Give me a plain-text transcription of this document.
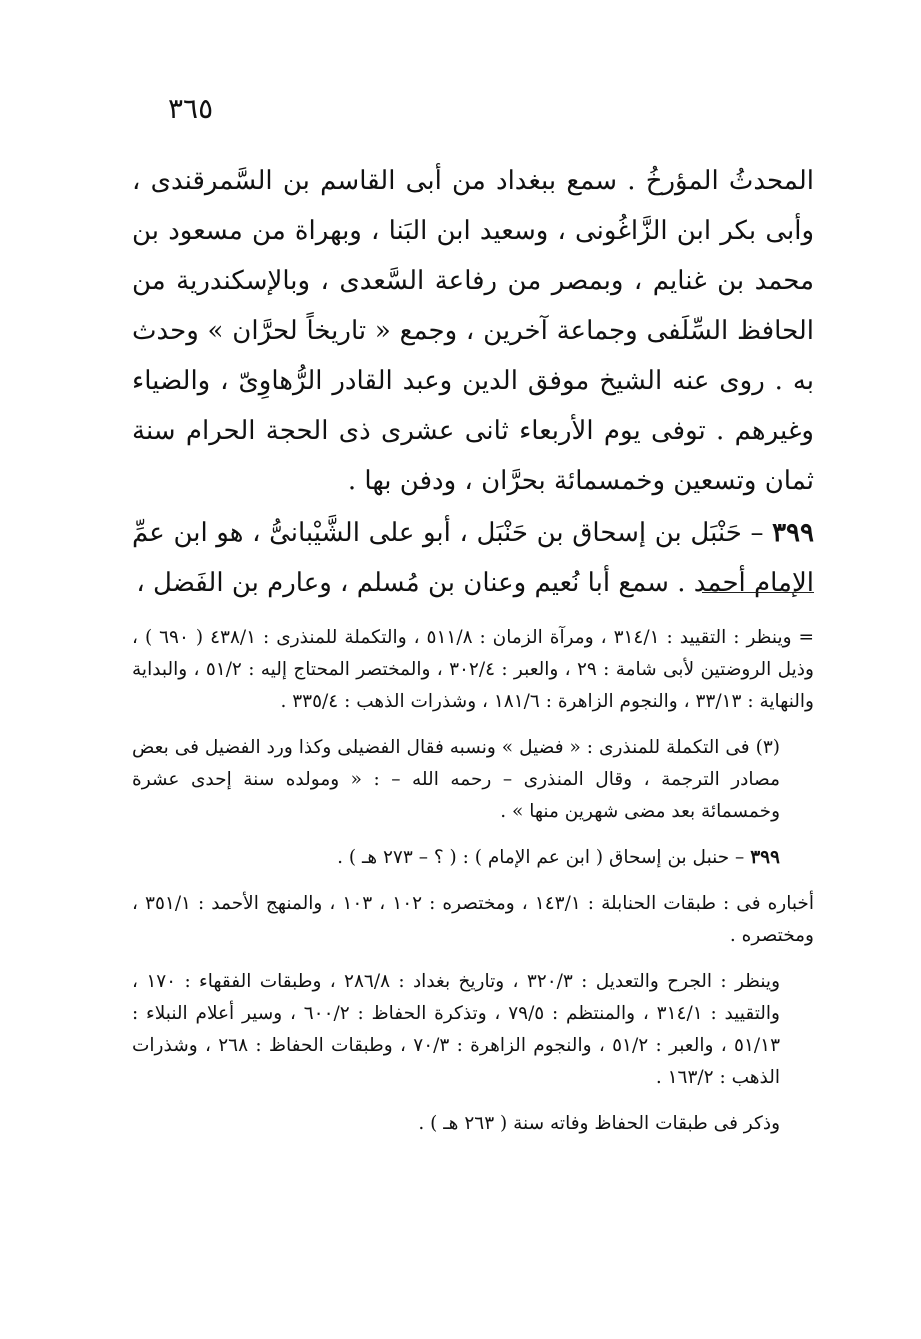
٣٦٥
المحدثُ المؤرخُ . سمع ببغداد من أبى القاسم بن السَّمرقندى ، وأبى بكر ابن الزَّاغُونى ، وسعيد ابن البَنا ، وبهراة من مسعود بن محمد بن غنايم ، وبمصر من رفاعة السَّعدى ، وبالإسكندرية من الحافظ السِّلَفى وجماعة آخرين ، وجمع « تاريخاً لحرَّان » وحدث به . روى عنه الشيخ موفق الدين وعبد القادر الرُّهاوِىّ ، والضياء وغيرهم . توفى يوم الأربعاء ثانى عشرى ذى الحجة الحرام سنة ثمان وتسعين وخمسمائة بحرَّان ، ودفن بها .
٣٩٩ – حَنْبَل بن إسحاق بن حَنْبَل ، أبو على الشَّيْبانىُّ ، هو ابن عمِّ الإمام أحمد . سمع أبا نُعيم وعنان بن مُسلم ، وعارم بن الفَضل ،

= وينظر : التقييد : ٣١٤/١ ، ومرآة الزمان : ٥١١/٨ ، والتكملة للمنذرى : ٤٣٨/١ ( ٦٩٠ ) ، وذيل الروضتين لأبى شامة : ٢٩ ، والعبر : ٣٠٢/٤ ، والمختصر المحتاج إليه : ٥١/٢ ، والبداية والنهاية : ٣٣/١٣ ، والنجوم الزاهرة : ١٨١/٦ ، وشذرات الذهب : ٣٣٥/٤ .

(٣) فى التكملة للمنذرى : « فضيل » ونسبه فقال الفضيلى وكذا ورد الفضيل فى بعض مصادر الترجمة ، وقال المنذرى – رحمه الله – : « ومولده سنة إحدى عشرة وخمسمائة بعد مضى شهرين منها » .

٣٩٩ – حنبل بن إسحاق ( ابن عم الإمام ) : ( ؟ – ٢٧٣ هـ ) .

أخباره فى : طبقات الحنابلة : ١٤٣/١ ، ومختصره : ١٠٢ ، ١٠٣ ، والمنهج الأحمد : ٣٥١/١ ، ومختصره .

وينظر : الجرح والتعديل : ٣٢٠/٣ ، وتاريخ بغداد : ٢٨٦/٨ ، وطبقات الفقهاء : ١٧٠ ، والتقييد : ٣١٤/١ ، والمنتظم : ٧٩/٥ ، وتذكرة الحفاظ : ٦٠٠/٢ ، وسير أعلام النبلاء : ٥١/١٣ ، والعبر : ٥١/٢ ، والنجوم الزاهرة : ٧٠/٣ ، وطبقات الحفاظ : ٢٦٨ ، وشذرات الذهب : ١٦٣/٢ .

وذكر فى طبقات الحفاظ وفاته سنة ( ٢٦٣ هـ ) .
